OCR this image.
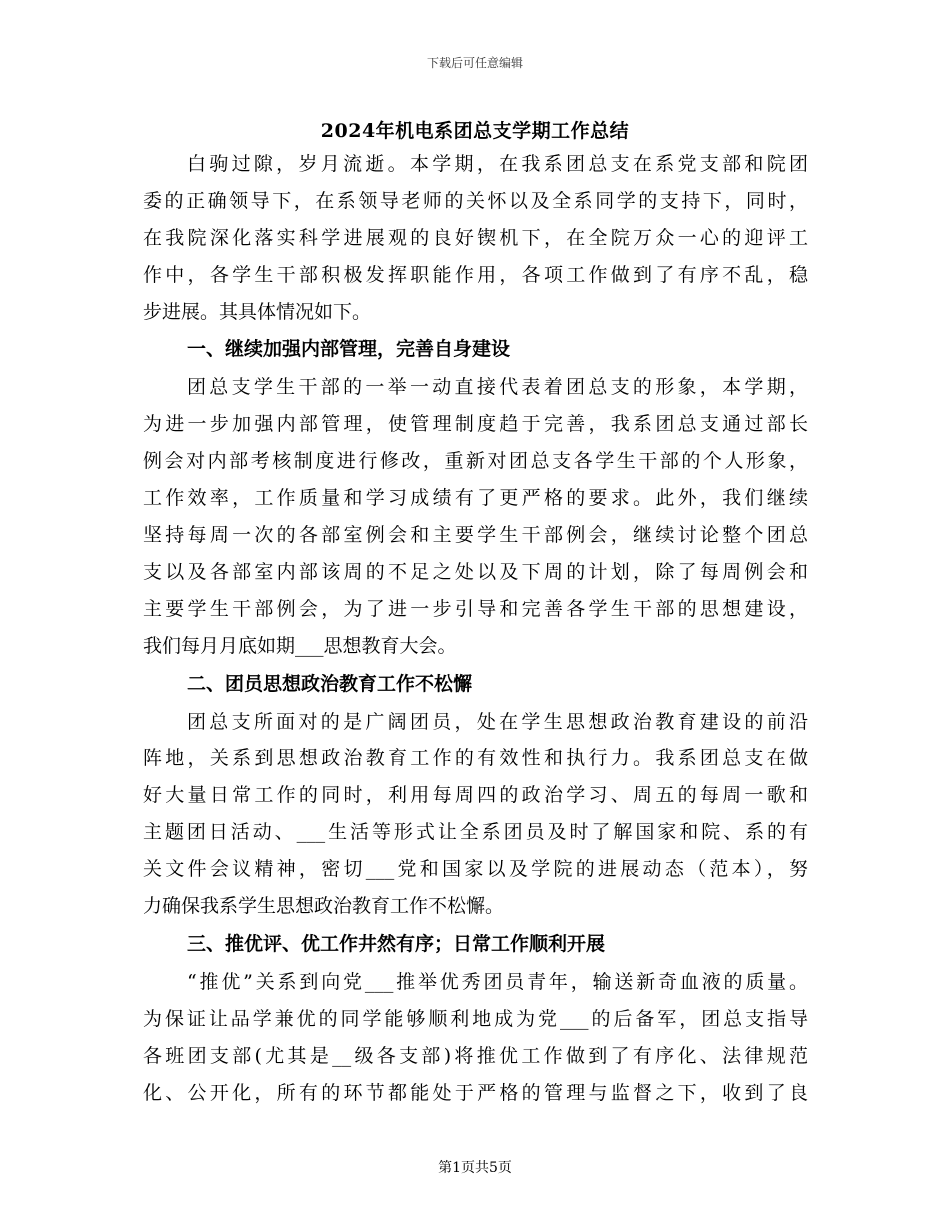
下载后可任意编辑
2024年机电系团总支学期工作总结
白驹过隙，岁月流逝。本学期，在我系团总支在系党支部和院团
委的正确领导下，在系领导老师的关怀以及全系同学的支持下，同时，
在我院深化落实科学进展观的良好锲机下，在全院万众一心的迎评工
作中，各学生干部积极发挥职能作用，各项工作做到了有序不乱，稳
步进展。其具体情况如下。
一、继续加强内部管理，完善自身建设
团总支学生干部的一举一动直接代表着团总支的形象，本学期，
为进一步加强内部管理，使管理制度趋于完善，我系团总支通过部长
例会对内部考核制度进行修改，重新对团总支各学生干部的个人形象，
工作效率，工作质量和学习成绩有了更严格的要求。此外，我们继续
坚持每周一次的各部室例会和主要学生干部例会，继续讨论整个团总
支以及各部室内部该周的不足之处以及下周的计划，除了每周例会和
主要学生干部例会，为了进一步引导和完善各学生干部的思想建设，
我们每月月底如期___思想教育大会。
二、团员思想政治教育工作不松懈
团总支所面对的是广阔团员，处在学生思想政治教育建设的前沿
阵地，关系到思想政治教育工作的有效性和执行力。我系团总支在做
好大量日常工作的同时，利用每周四的政治学习、周五的每周一歌和
主题团日活动、___生活等形式让全系团员及时了解国家和院、系的有
关文件会议精神，密切___党和国家以及学院的进展动态（范本），努
力确保我系学生思想政治教育工作不松懈。
三、推优评、优工作井然有序；日常工作顺利开展
“推优”关系到向党___推举优秀团员青年，输送新奇血液的质量。
为保证让品学兼优的同学能够顺利地成为党___的后备军，团总支指导
各班团支部(尤其是__级各支部)将推优工作做到了有序化、法律规范
化、公开化，所有的环节都能处于严格的管理与监督之下，收到了良
第1页共5页
